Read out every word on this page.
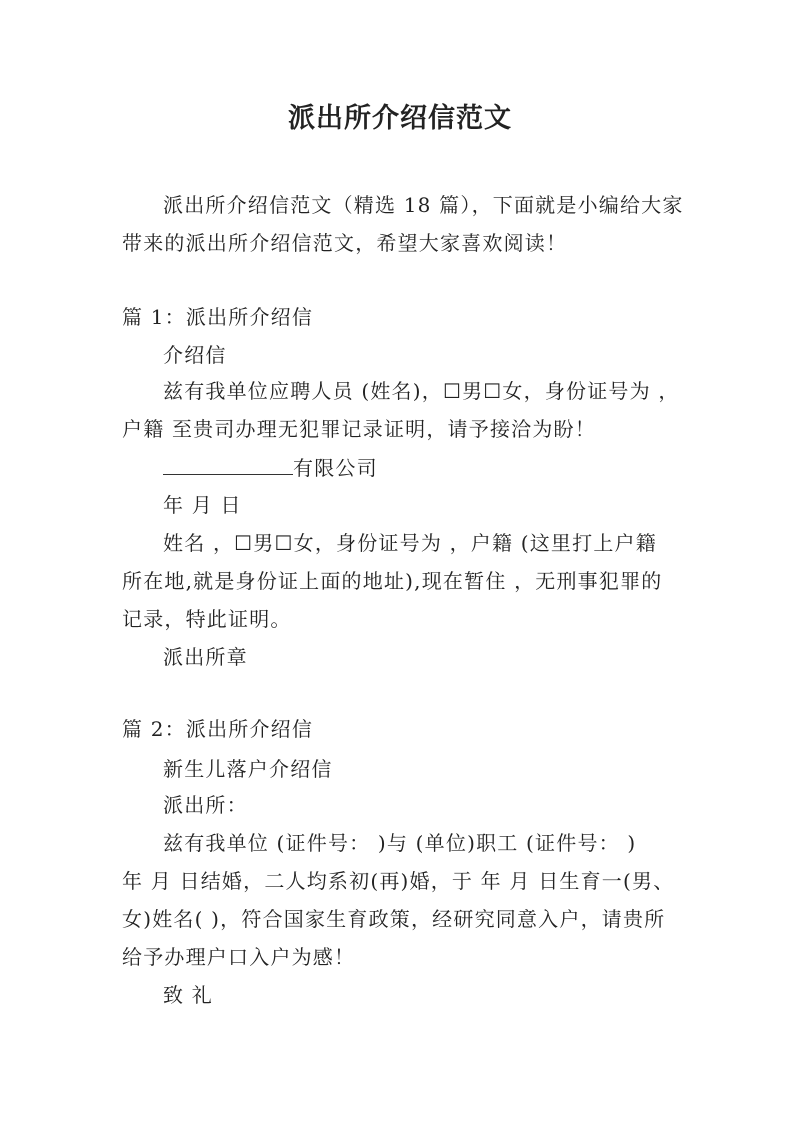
派出所介绍信范文
派出所介绍信范文（精选 18 篇），下面就是小编给大家
带来的派出所介绍信范文，希望大家喜欢阅读！
篇 1：派出所介绍信
介绍信
兹有我单位应聘人员 (姓名)，☐男☐女，身份证号为 ，
户籍 至贵司办理无犯罪记录证明，请予接洽为盼！
有限公司
年 月 日
姓名 ，☐男☐女，身份证号为 ，户籍 (这里打上户籍
所在地,就是身份证上面的地址),现在暂住 ，无刑事犯罪的
记录，特此证明。
派出所章
篇 2：派出所介绍信
新生儿落户介绍信
派出所：
兹有我单位 (证件号： )与 (单位)职工 (证件号： )
年 月 日结婚，二人均系初(再)婚，于 年 月 日生育一(男、
女)姓名( )，符合国家生育政策，经研究同意入户，请贵所
给予办理户口入户为感！
致 礼
